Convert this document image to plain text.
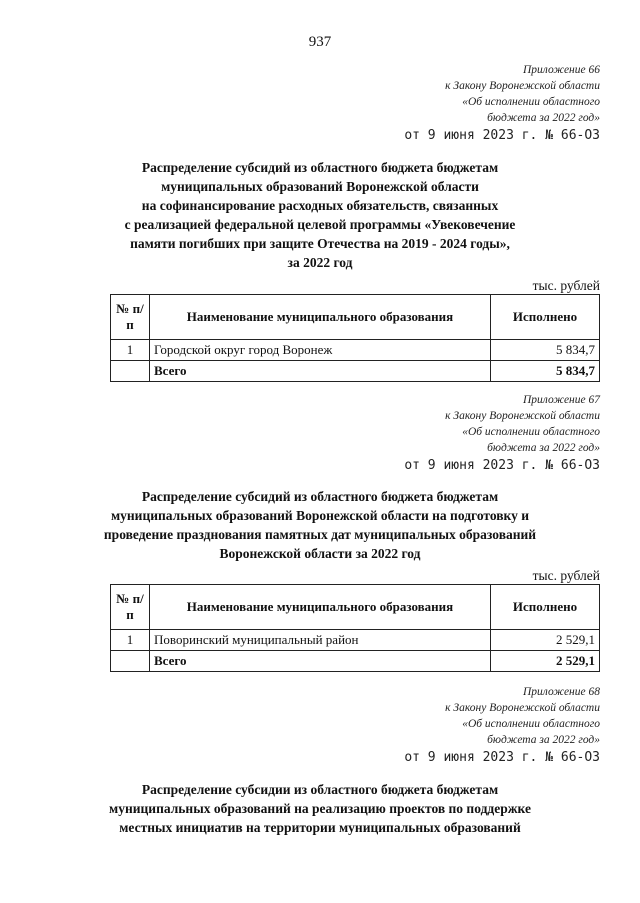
937
Приложение 66
к Закону Воронежской области
«Об исполнении областного
бюджета за 2022 год»
от 9 июня 2023 г. № 66-ОЗ
Распределение субсидий из областного бюджета бюджетам
муниципальных образований Воронежской области
на софинансирование расходных обязательств, связанных
с реализацией федеральной целевой программы «Увековечение
памяти погибших при защите Отечества на 2019 - 2024 годы»,
за 2022 год
тыс. рублей
№ п/п	Наименование муниципального образования	Исполнено
1	Городской округ город Воронеж	5 834,7
	Всего	5 834,7
Приложение 67
к Закону Воронежской области
«Об исполнении областного
бюджета за 2022 год»
от 9 июня 2023 г. № 66-ОЗ
Распределение субсидий из областного бюджета бюджетам
муниципальных образований Воронежской области на подготовку и
проведение празднования памятных дат муниципальных образований
Воронежской области за 2022 год
тыс. рублей
№ п/п	Наименование муниципального образования	Исполнено
1	Поворинский муниципальный район	2 529,1
	Всего	2 529,1
Приложение 68
к Закону Воронежской области
«Об исполнении областного
бюджета за 2022 год»
от 9 июня 2023 г. № 66-ОЗ
Распределение субсидии из областного бюджета бюджетам
муниципальных образований на реализацию проектов по поддержке
местных инициатив на территории муниципальных образований
